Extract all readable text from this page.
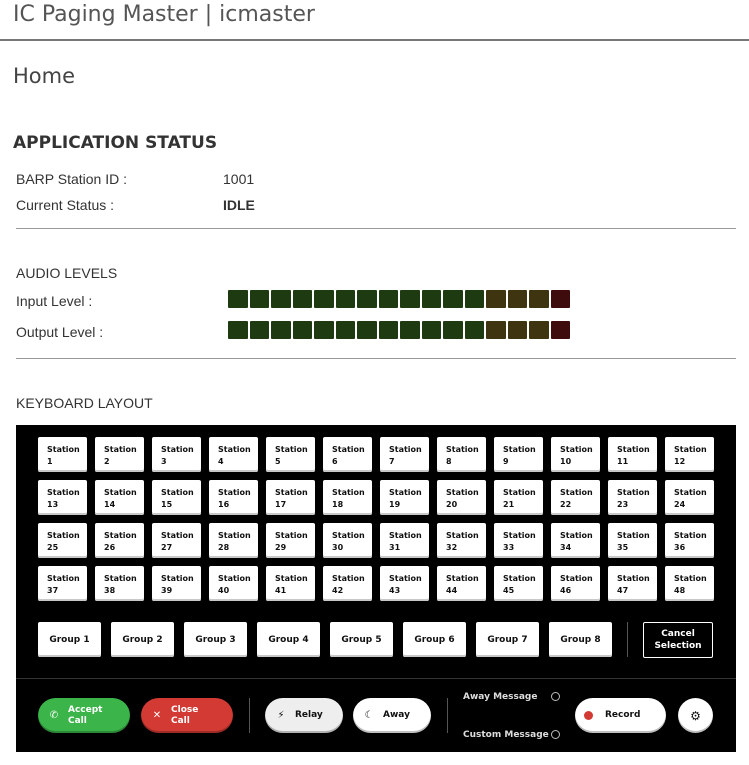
IC Paging Master | icmaster
Home
APPLICATION STATUS
BARP Station ID :	1001
Current Status :	IDLE
AUDIO LEVELS
Input Level :
Output Level :
KEYBOARD LAYOUT
Station
1
Station
2
Station
3
Station
4
Station
5
Station
6
Station
7
Station
8
Station
9
Station
10
Station
11
Station
12
Station
13
Station
14
Station
15
Station
16
Station
17
Station
18
Station
19
Station
20
Station
21
Station
22
Station
23
Station
24
Station
25
Station
26
Station
27
Station
28
Station
29
Station
30
Station
31
Station
32
Station
33
Station
34
Station
35
Station
36
Station
37
Station
38
Station
39
Station
40
Station
41
Station
42
Station
43
Station
44
Station
45
Station
46
Station
47
Station
48
Group 1	Group 2	Group 3	Group 4	Group 5	Group 6	Group 7	Group 8
Cancel
Selection
✆
Accept
Call	✕
Close
Call	⚡	Relay	☾	Away
Away Message
Custom Message
Record	⚙
